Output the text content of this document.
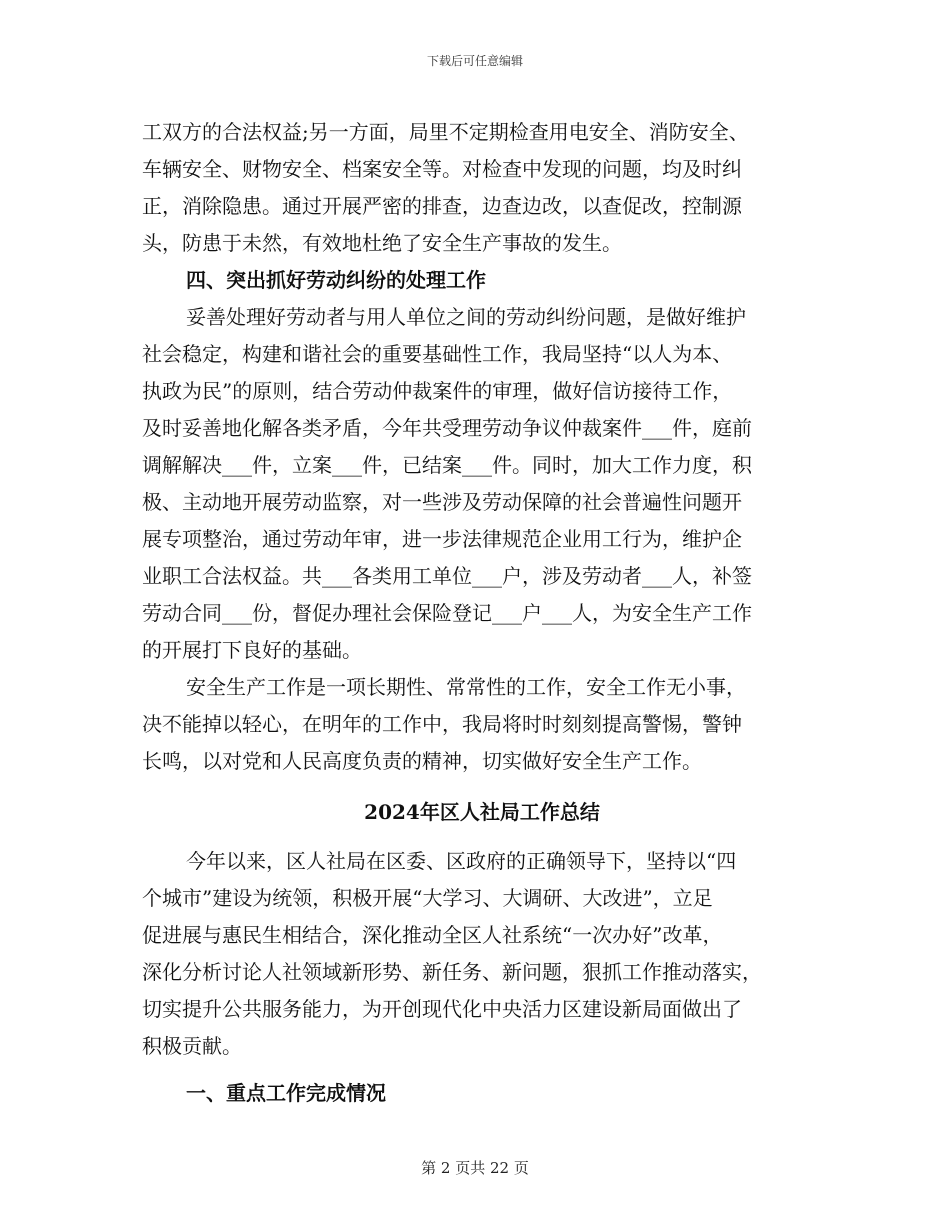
下载后可任意编辑
工双方的合法权益;另一方面，局里不定期检查用电安全、消防安全、
车辆安全、财物安全、档案安全等。对检查中发现的问题，均及时纠
正，消除隐患。通过开展严密的排查，边查边改，以查促改，控制源
头，防患于未然，有效地杜绝了安全生产事故的发生。
四、突出抓好劳动纠纷的处理工作
妥善处理好劳动者与用人单位之间的劳动纠纷问题，是做好维护
社会稳定，构建和谐社会的重要基础性工作，我局坚持“以人为本、
执政为民”的原则，结合劳动仲裁案件的审理，做好信访接待工作，
及时妥善地化解各类矛盾，今年共受理劳动争议仲裁案件___件，庭前
调解解决___件，立案___件，已结案___件。同时，加大工作力度，积
极、主动地开展劳动监察，对一些涉及劳动保障的社会普遍性问题开
展专项整治，通过劳动年审，进一步法律规范企业用工行为，维护企
业职工合法权益。共___各类用工单位___户，涉及劳动者___人，补签
劳动合同___份，督促办理社会保险登记___户___人，为安全生产工作
的开展打下良好的基础。
安全生产工作是一项长期性、常常性的工作，安全工作无小事，
决不能掉以轻心，在明年的工作中，我局将时时刻刻提高警惕，警钟
长鸣，以对党和人民高度负责的精神，切实做好安全生产工作。
2024年区人社局工作总结
今年以来，区人社局在区委、区政府的正确领导下，坚持以“四
个城市”建设为统领，积极开展“大学习、大调研、大改进”，立足
促进展与惠民生相结合，深化推动全区人社系统“一次办好”改革，
深化分析讨论人社领域新形势、新任务、新问题，狠抓工作推动落实，
切实提升公共服务能力，为开创现代化中央活力区建设新局面做出了
积极贡献。
一、重点工作完成情况
第 2 页共 22 页
